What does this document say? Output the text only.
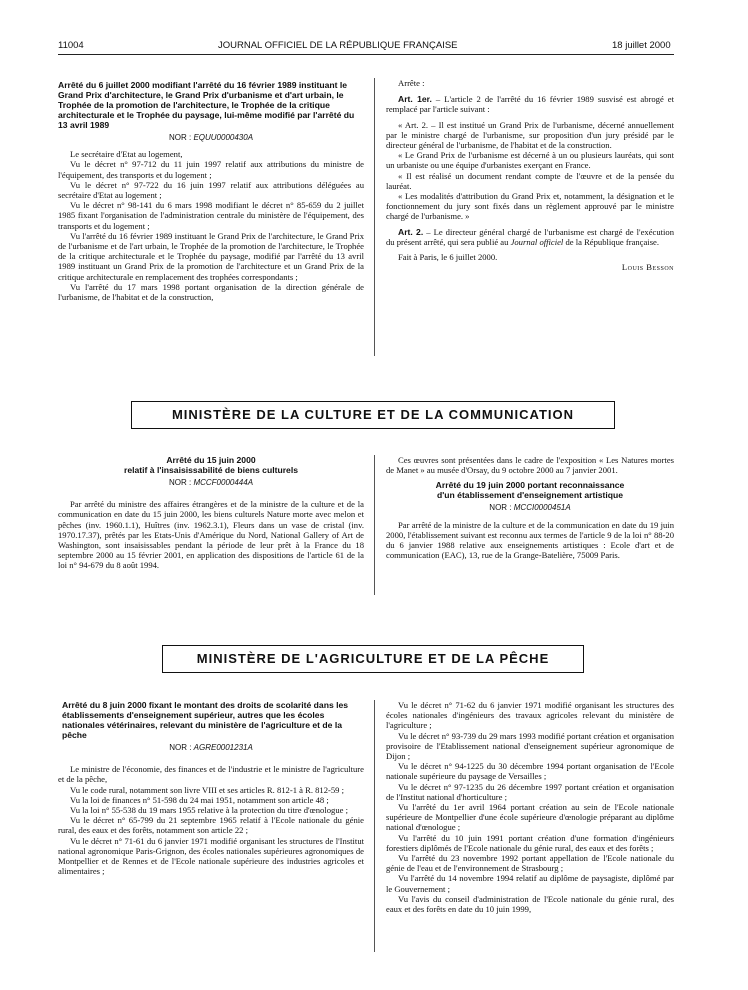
11004	JOURNAL OFFICIEL DE LA RÉPUBLIQUE FRANÇAISE	18 juillet 2000
Arrêté du 6 juillet 2000 modifiant l'arrêté du 16 février 1989 instituant le Grand Prix d'architecture, le Grand Prix d'urbanisme et d'art urbain, le Trophée de la promotion de l'architecture, le Trophée de la critique architecturale et le Trophée du paysage, lui-même modifié par l'arrêté du 13 avril 1989
NOR : EQUU0000430A

Le secrétaire d'Etat au logement,

Vu le décret n° 97-712 du 11 juin 1997 relatif aux attributions du ministre de l'équipement, des transports et du logement ;

Vu le décret n° 97-722 du 16 juin 1997 relatif aux attributions déléguées au secrétaire d'Etat au logement ;

Vu le décret n° 98-141 du 6 mars 1998 modifiant le décret n° 85-659 du 2 juillet 1985 fixant l'organisation de l'administration centrale du ministère de l'équipement, des transports et du logement ;

Vu l'arrêté du 16 février 1989 instituant le Grand Prix de l'architecture, le Grand Prix de l'urbanisme et de l'art urbain, le Trophée de la promotion de l'architecture, le Trophée de la critique architecturale et le Trophée du paysage, modifié par l'arrêté du 13 avril 1989 instituant un Grand Prix de la promotion de l'architecture et un Grand Prix de la critique architecturale en remplacement des trophées correspondants ;

Vu l'arrêté du 17 mars 1998 portant organisation de la direction générale de l'urbanisme, de l'habitat et de la construction,

Arrête :

Art. 1er. – L'article 2 de l'arrêté du 16 février 1989 susvisé est abrogé et remplacé par l'article suivant :

« Art. 2. – Il est institué un Grand Prix de l'urbanisme, décerné annuellement par le ministre chargé de l'urbanisme, sur proposition d'un jury présidé par le directeur général de l'urbanisme, de l'habitat et de la construction.

« Le Grand Prix de l'urbanisme est décerné à un ou plusieurs lauréats, qui sont un urbaniste ou une équipe d'urbanistes exerçant en France.

« Il est réalisé un document rendant compte de l'œuvre et de la pensée du lauréat.

« Les modalités d'attribution du Grand Prix et, notamment, la désignation et le fonctionnement du jury sont fixés dans un règlement approuvé par le ministre chargé de l'urbanisme. »

Art. 2. – Le directeur général chargé de l'urbanisme est chargé de l'exécution du présent arrêté, qui sera publié au Journal officiel de la République française.

Fait à Paris, le 6 juillet 2000.

Louis Besson
MINISTÈRE DE LA CULTURE ET DE LA COMMUNICATION
Arrêté du 15 juin 2000
relatif à l'insaisissabilité de biens culturels
NOR : MCCF0000444A

Par arrêté du ministre des affaires étrangères et de la ministre de la culture et de la communication en date du 15 juin 2000, les biens culturels Nature morte avec melon et pêches (inv. 1960.1.1), Huîtres (inv. 1962.3.1), Fleurs dans un vase de cristal (inv. 1970.17.37), prêtés par les Etats-Unis d'Amérique du Nord, National Gallery of Art de Washington, sont insaisissables pendant la période de leur prêt à la France du 18 septembre 2000 au 15 février 2001, en application des dispositions de l'article 61 de la loi n° 94-679 du 8 août 1994.

Ces œuvres sont présentées dans le cadre de l'exposition « Les Natures mortes de Manet » au musée d'Orsay, du 9 octobre 2000 au 7 janvier 2001.

Arrêté du 19 juin 2000 portant reconnaissance
d'un établissement d'enseignement artistique
NOR : MCCI0000451A

Par arrêté de la ministre de la culture et de la communication en date du 19 juin 2000, l'établissement suivant est reconnu aux termes de l'article 9 de la loi n° 88-20 du 6 janvier 1988 relative aux enseignements artistiques : Ecole d'art et de communication (EAC), 13, rue de la Grange-Batelière, 75009 Paris.

MINISTÈRE DE L'AGRICULTURE ET DE LA PÊCHE
Arrêté du 8 juin 2000 fixant le montant des droits de scolarité dans les établissements d'enseignement supérieur, autres que les écoles nationales vétérinaires, relevant du ministère de l'agriculture et de la pêche
NOR : AGRE0001231A

Le ministre de l'économie, des finances et de l'industrie et le ministre de l'agriculture et de la pêche,

Vu le code rural, notamment son livre VIII et ses articles R. 812-1 à R. 812-59 ;

Vu la loi de finances n° 51-598 du 24 mai 1951, notamment son article 48 ;

Vu la loi n° 55-538 du 19 mars 1955 relative à la protection du titre d'œnologue ;

Vu le décret n° 65-799 du 21 septembre 1965 relatif à l'Ecole nationale du génie rural, des eaux et des forêts, notamment son article 22 ;

Vu le décret n° 71-61 du 6 janvier 1971 modifié organisant les structures de l'Institut national agronomique Paris-Grignon, des écoles nationales supérieures agronomiques de Montpellier et de Rennes et de l'Ecole nationale supérieure des industries agricoles et alimentaires ;

Vu le décret n° 71-62 du 6 janvier 1971 modifié organisant les structures des écoles nationales d'ingénieurs des travaux agricoles relevant du ministère de l'agriculture ;

Vu le décret n° 93-739 du 29 mars 1993 modifié portant création et organisation provisoire de l'Etablissement national d'enseignement supérieur agronomique de Dijon ;

Vu le décret n° 94-1225 du 30 décembre 1994 portant organisation de l'Ecole nationale supérieure du paysage de Versailles ;

Vu le décret n° 97-1235 du 26 décembre 1997 portant création et organisation de l'Institut national d'horticulture ;

Vu l'arrêté du 1er avril 1964 portant création au sein de l'Ecole nationale supérieure de Montpellier d'une école supérieure d'œnologie préparant au diplôme national d'œnologue ;

Vu l'arrêté du 10 juin 1991 portant création d'une formation d'ingénieurs forestiers diplômés de l'Ecole nationale du génie rural, des eaux et des forêts ;

Vu l'arrêté du 23 novembre 1992 portant appellation de l'Ecole nationale du génie de l'eau et de l'environnement de Strasbourg ;

Vu l'arrêté du 14 novembre 1994 relatif au diplôme de paysagiste, diplômé par le Gouvernement ;

Vu l'avis du conseil d'administration de l'Ecole nationale du génie rural, des eaux et des forêts en date du 10 juin 1999,
